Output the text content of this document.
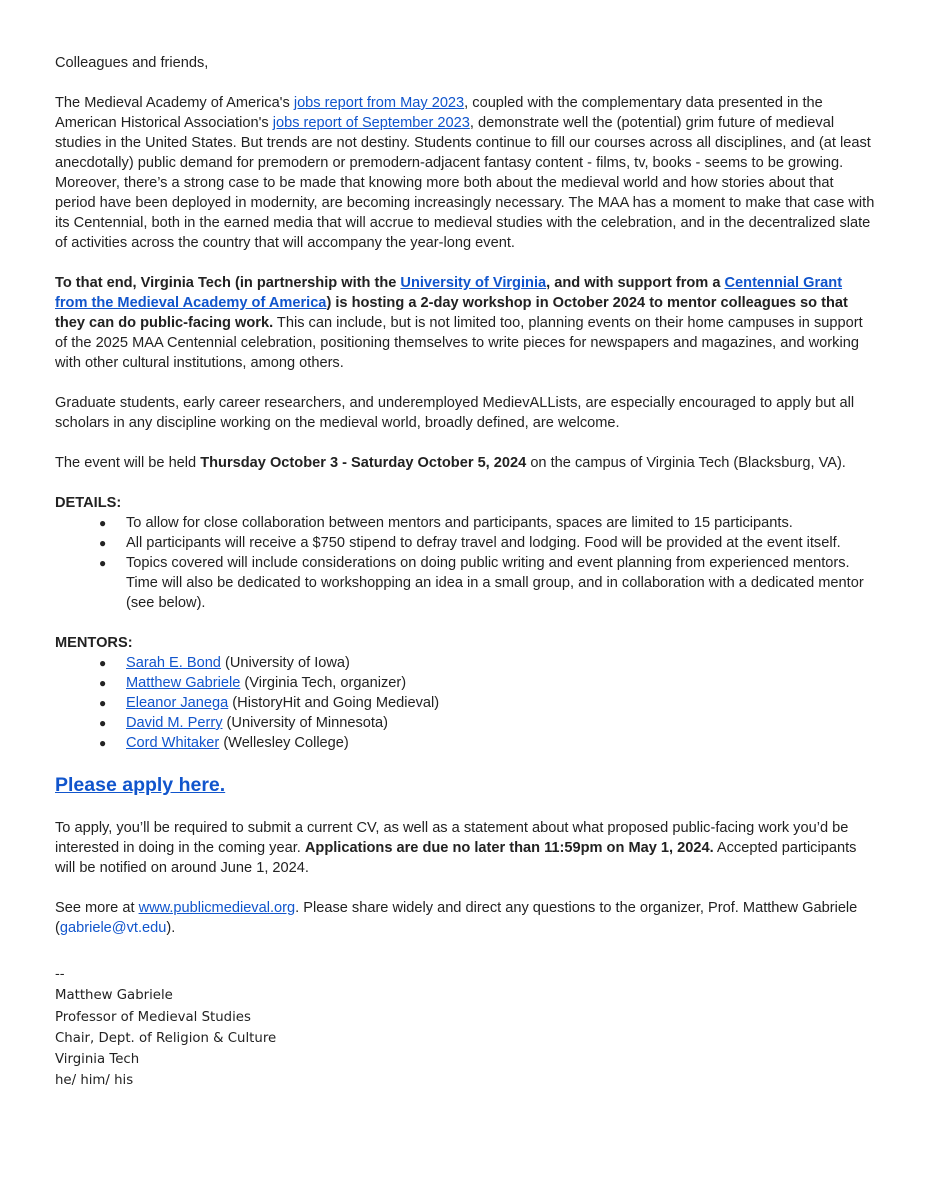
Colleagues and friends,

The Medieval Academy of America's jobs report from May 2023, coupled with the complementary data presented in the American Historical Association's jobs report of September 2023, demonstrate well the (potential) grim future of medieval studies in the United States. But trends are not destiny. Students continue to fill our courses across all disciplines, and (at least anecdotally) public demand for premodern or premodern-adjacent fantasy content - films, tv, books - seems to be growing. Moreover, there’s a strong case to be made that knowing more both about the medieval world and how stories about that period have been deployed in modernity, are becoming increasingly necessary. The MAA has a moment to make that case with its Centennial, both in the earned media that will accrue to medieval studies with the celebration, and in the decentralized slate of activities across the country that will accompany the year-long event.

To that end, Virginia Tech (in partnership with the University of Virginia, and with support from a Centennial Grant from the Medieval Academy of America) is hosting a 2-day workshop in October 2024 to mentor colleagues so that they can do public-facing work. This can include, but is not limited too, planning events on their home campuses in support of the 2025 MAA Centennial celebration, positioning themselves to write pieces for newspapers and magazines, and working with other cultural institutions, among others.

Graduate students, early career researchers, and underemployed MedievALLists, are especially encouraged to apply but all scholars in any discipline working on the medieval world, broadly defined, are welcome.

The event will be held Thursday October 3 - Saturday October 5, 2024 on the campus of Virginia Tech (Blacksburg, VA).

DETAILS:

● To allow for close collaboration between mentors and participants, spaces are limited to 15 participants.
● All participants will receive a $750 stipend to defray travel and lodging. Food will be provided at the event itself.
● Topics covered will include considerations on doing public writing and event planning from experienced mentors. Time will also be dedicated to workshopping an idea in a small group, and in collaboration with a dedicated mentor (see below).

MENTORS:

● Sarah E. Bond (University of Iowa)
● Matthew Gabriele (Virginia Tech, organizer)
● Eleanor Janega (HistoryHit and Going Medieval)
● David M. Perry (University of Minnesota)
● Cord Whitaker (Wellesley College)
Please apply here.

To apply, you’ll be required to submit a current CV, as well as a statement about what proposed public-facing work you’d be interested in doing in the coming year. Applications are due no later than 11:59pm on May 1, 2024. Accepted participants will be notified on around June 1, 2024.

See more at www.publicmedieval.org. Please share widely and direct any questions to the organizer, Prof. Matthew Gabriele (gabriele@vt.edu).

--
Matthew Gabriele
Professor of Medieval Studies
Chair, Dept. of Religion & Culture
Virginia Tech
he/ him/ his
